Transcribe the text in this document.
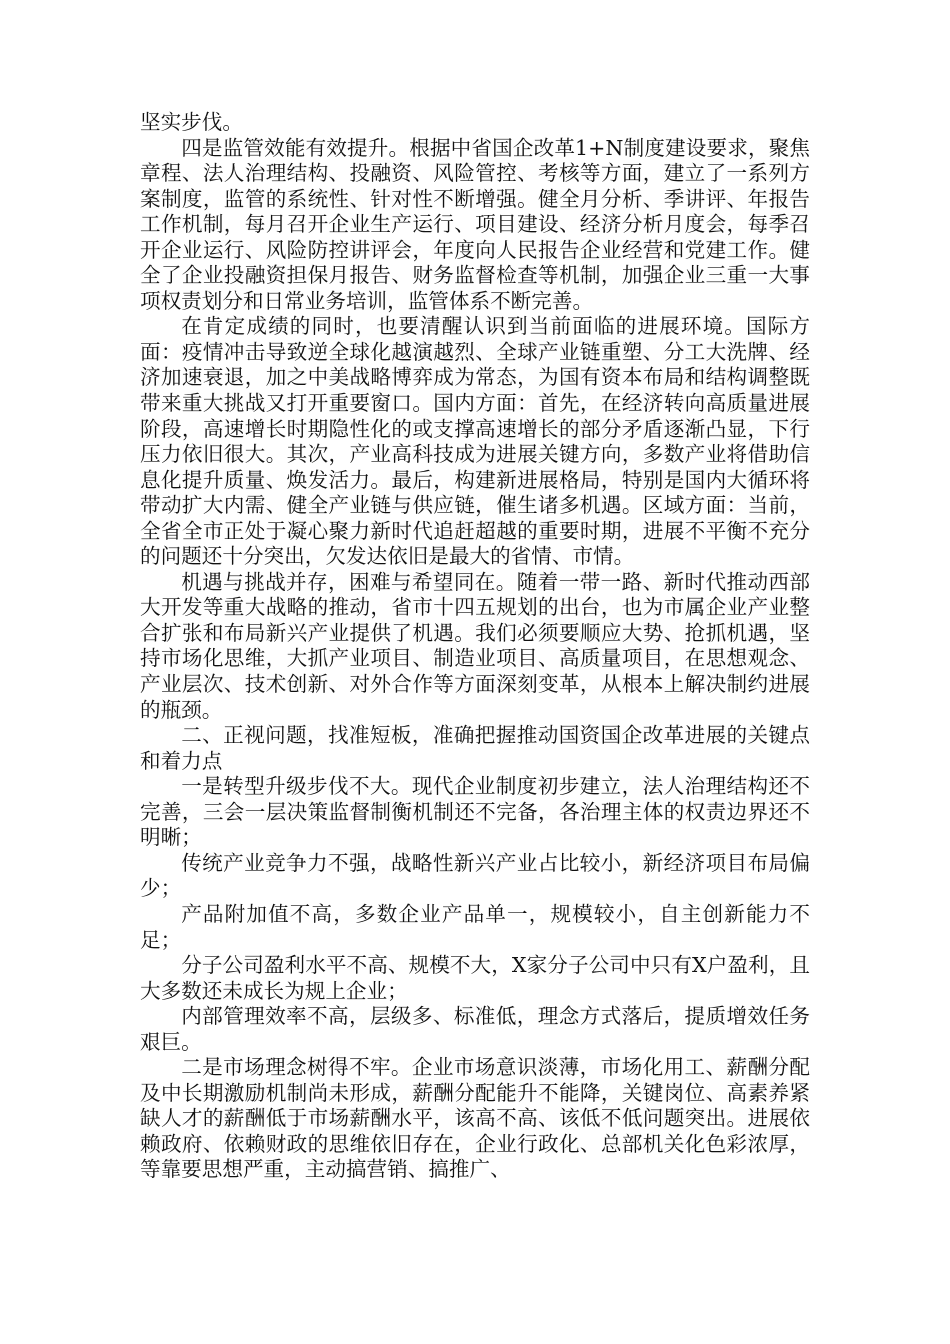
坚实步伐。

四是监管效能有效提升。根据中省国企改革1+N制度建设要求，聚焦章程、法人治理结构、投融资、风险管控、考核等方面，建立了一系列方案制度，监管的系统性、针对性不断增强。健全月分析、季讲评、年报告工作机制，每月召开企业生产运行、项目建设、经济分析月度会，每季召开企业运行、风险防控讲评会，年度向人民报告企业经营和党建工作。健全了企业投融资担保月报告、财务监督检查等机制，加强企业三重一大事项权责划分和日常业务培训，监管体系不断完善。

在肯定成绩的同时，也要清醒认识到当前面临的进展环境。国际方面：疫情冲击导致逆全球化越演越烈、全球产业链重塑、分工大洗牌、经济加速衰退，加之中美战略博弈成为常态，为国有资本布局和结构调整既带来重大挑战又打开重要窗口。国内方面：首先，在经济转向高质量进展阶段，高速增长时期隐性化的或支撑高速增长的部分矛盾逐渐凸显，下行压力依旧很大。其次，产业高科技成为进展关键方向，多数产业将借助信息化提升质量、焕发活力。最后，构建新进展格局，特别是国内大循环将带动扩大内需、健全产业链与供应链，催生诸多机遇。区域方面：当前，全省全市正处于凝心聚力新时代追赶超越的重要时期，进展不平衡不充分的问题还十分突出，欠发达依旧是最大的省情、市情。

机遇与挑战并存，困难与希望同在。随着一带一路、新时代推动西部大开发等重大战略的推动，省市十四五规划的出台，也为市属企业产业整合扩张和布局新兴产业提供了机遇。我们必须要顺应大势、抢抓机遇，坚持市场化思维，大抓产业项目、制造业项目、高质量项目，在思想观念、产业层次、技术创新、对外合作等方面深刻变革，从根本上解决制约进展的瓶颈。

二、正视问题，找准短板，准确把握推动国资国企改革进展的关键点和着力点

一是转型升级步伐不大。现代企业制度初步建立，法人治理结构还不完善，三会一层决策监督制衡机制还不完备，各治理主体的权责边界还不明晰；

传统产业竞争力不强，战略性新兴产业占比较小，新经济项目布局偏少；

产品附加值不高，多数企业产品单一，规模较小，自主创新能力不足；

分子公司盈利水平不高、规模不大，X家分子公司中只有X户盈利，且大多数还未成长为规上企业；

内部管理效率不高，层级多、标准低，理念方式落后，提质增效任务艰巨。

二是市场理念树得不牢。企业市场意识淡薄，市场化用工、薪酬分配及中长期激励机制尚未形成，薪酬分配能升不能降，关键岗位、高素养紧缺人才的薪酬低于市场薪酬水平，该高不高、该低不低问题突出。进展依赖政府、依赖财政的思维依旧存在，企业行政化、总部机关化色彩浓厚，等靠要思想严重，主动搞营销、搞推广、
